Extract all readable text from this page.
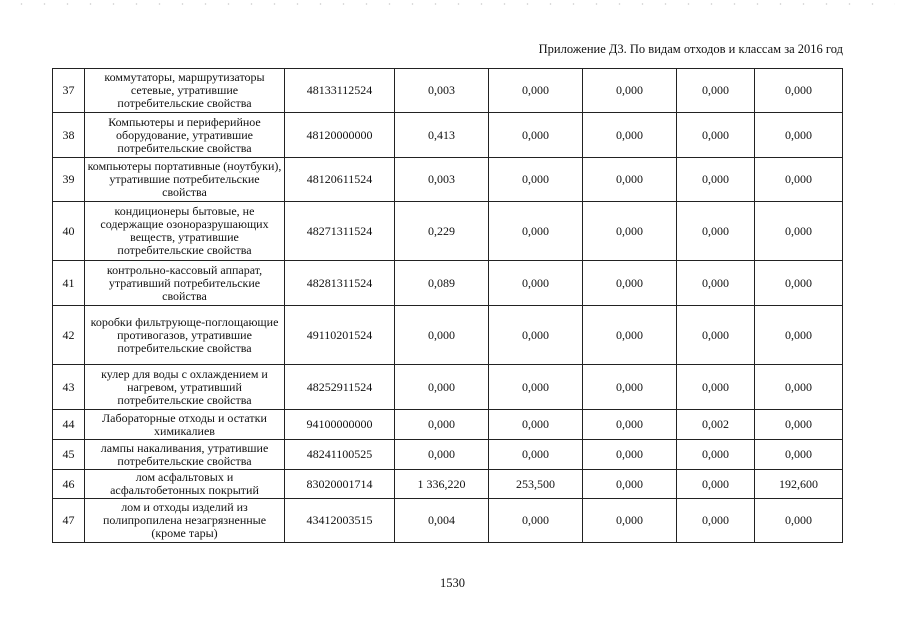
Приложение Д3. По видам отходов и классам за 2016 год
37	коммутаторы, маршрутизаторы сетевые, утратившие потребительские свойства	48133112524	0,003	0,000	0,000	0,000	0,000
38	Компьютеры и периферийное оборудование, утратившие потребительские свойства	48120000000	0,413	0,000	0,000	0,000	0,000
39	компьютеры портативные (ноутбуки), утратившие потребительские свойства	48120611524	0,003	0,000	0,000	0,000	0,000
40	кондиционеры бытовые, не содержащие озоноразрушающих веществ, утратившие потребительские свойства	48271311524	0,229	0,000	0,000	0,000	0,000
41	контрольно-кассовый аппарат, утративший потребительские свойства	48281311524	0,089	0,000	0,000	0,000	0,000
42	коробки фильтрующе-поглощающие противогазов, утратившие потребительские свойства	49110201524	0,000	0,000	0,000	0,000	0,000
43	кулер для воды с охлаждением и нагревом, утративший потребительские свойства	48252911524	0,000	0,000	0,000	0,000	0,000
44	Лабораторные отходы и остатки химикалиев	94100000000	0,000	0,000	0,000	0,002	0,000
45	лампы накаливания, утратившие потребительские свойства	48241100525	0,000	0,000	0,000	0,000	0,000
46	лом асфальтовых и асфальтобетонных покрытий	83020001714	1 336,220	253,500	0,000	0,000	192,600
47	лом и отходы изделий из полипропилена незагрязненные (кроме тары)	43412003515	0,004	0,000	0,000	0,000	0,000
1530
